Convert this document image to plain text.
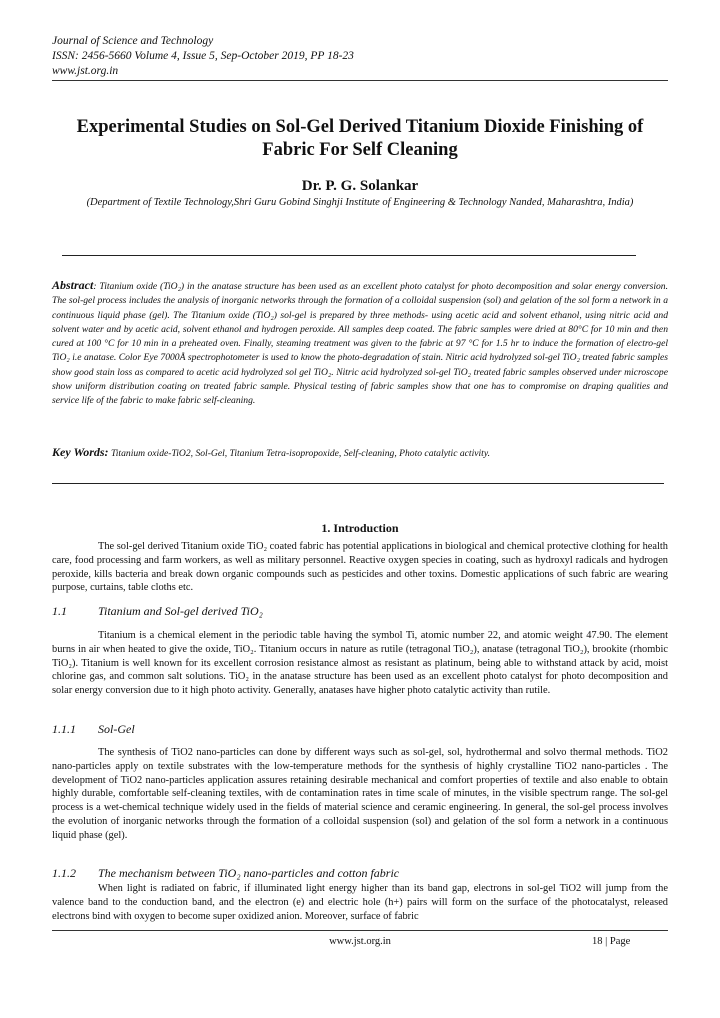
Journal of Science and Technology
ISSN: 2456-5660 Volume 4, Issue 5, Sep-October 2019, PP 18-23
www.jst.org.in
Experimental Studies on Sol-Gel Derived Titanium Dioxide Finishing of Fabric For Self Cleaning
Dr. P. G. Solankar
(Department of Textile Technology,Shri Guru Gobind Singhji Institute of Engineering & Technology Nanded, Maharashtra, India)
Abstract: Titanium oxide (TiO₂) in the anatase structure has been used as an excellent photo catalyst for photo decomposition and solar energy conversion. The sol-gel process includes the analysis of inorganic networks through the formation of a colloidal suspension (sol) and gelation of the sol form a network in a continuous liquid phase (gel). The Titanium oxide (TiO₂) sol-gel is prepared by three methods- using acetic acid and solvent ethanol, using nitric acid and solvent water and by acetic acid, solvent ethanol and hydrogen peroxide. All samples deep coated. The fabric samples were dried at 80°C for 10 min and then cured at 100 °C for 10 min in a preheated oven. Finally, steaming treatment was given to the fabric at 97 °C for 1.5 hr to induce the formation of electro-gel TiO₂ i.e anatase. Color Eye 7000Å spectrophotometer is used to know the photo-degradation of stain. Nitric acid hydrolyzed sol-gel TiO₂ treated fabric samples show good stain loss as compared to acetic acid hydrolyzed sol gel TiO₂. Nitric acid hydrolyzed sol-gel TiO₂ treated fabric samples observed under microscope show uniform distribution coating on treated fabric sample. Physical testing of fabric samples show that one has to compromise on draping qualities and service life of the fabric to make fabric self-cleaning.
Key Words: Titanium oxide-TiO2, Sol-Gel, Titanium Tetra-isopropoxide, Self-cleaning, Photo catalytic activity.
1. Introduction
The sol-gel derived Titanium oxide TiO₂ coated fabric has potential applications in biological and chemical protective clothing for health care, food processing and farm workers, as well as military personnel. Reactive oxygen species in coating, such as hydroxyl radicals and hydrogen peroxide, kills bacteria and break down organic compounds such as pesticides and other toxins. Domestic applications of such fabric are wearing purpose, curtains, table cloths etc.
1.1	Titanium and Sol-gel derived TiO₂
Titanium is a chemical element in the periodic table having the symbol Ti, atomic number 22, and atomic weight 47.90. The element burns in air when heated to give the oxide, TiO₂. Titanium occurs in nature as rutile (tetragonal TiO₂), anatase (tetragonal TiO₂), brookite (rhombic TiO₂). Titanium is well known for its excellent corrosion resistance almost as resistant as platinum, being able to withstand attack by acid, moist chlorine gas, and common salt solutions. TiO₂ in the anatase structure has been used as an excellent photo catalyst for photo decomposition and solar energy conversion due to it high photo activity. Generally, anatases have higher photo catalytic activity than rutile.
1.1.1 Sol-Gel
The synthesis of TiO2 nano-particles can done by different ways such as sol-gel, sol, hydrothermal and solvo thermal methods. TiO2 nano-particles apply on textile substrates with the low-temperature methods for the synthesis of highly crystalline TiO2 nano-particles . The development of TiO2 nano-particles application assures retaining desirable mechanical and comfort properties of textile and also enable to obtain highly durable, comfortable self-cleaning textiles, with de contamination rates in time scale of minutes, in the visible spectrum range. The sol-gel process is a wet-chemical technique widely used in the fields of material science and ceramic engineering. In general, the sol-gel process involves the evolution of inorganic networks through the formation of a colloidal suspension (sol) and gelation of the sol form a network in a continuous liquid phase (gel).
1.1.2 The mechanism between TiO₂ nano-particles and cotton fabric
When light is radiated on fabric, if illuminated light energy higher than its band gap, electrons in sol-gel TiO2 will jump from the valence band to the conduction band, and the electron (e) and electric hole (h+) pairs will form on the surface of the photocatalyst, released electrons bind with oxygen to become super oxidized anion. Moreover, surface of fabric
www.jst.org.in	18 | Page
